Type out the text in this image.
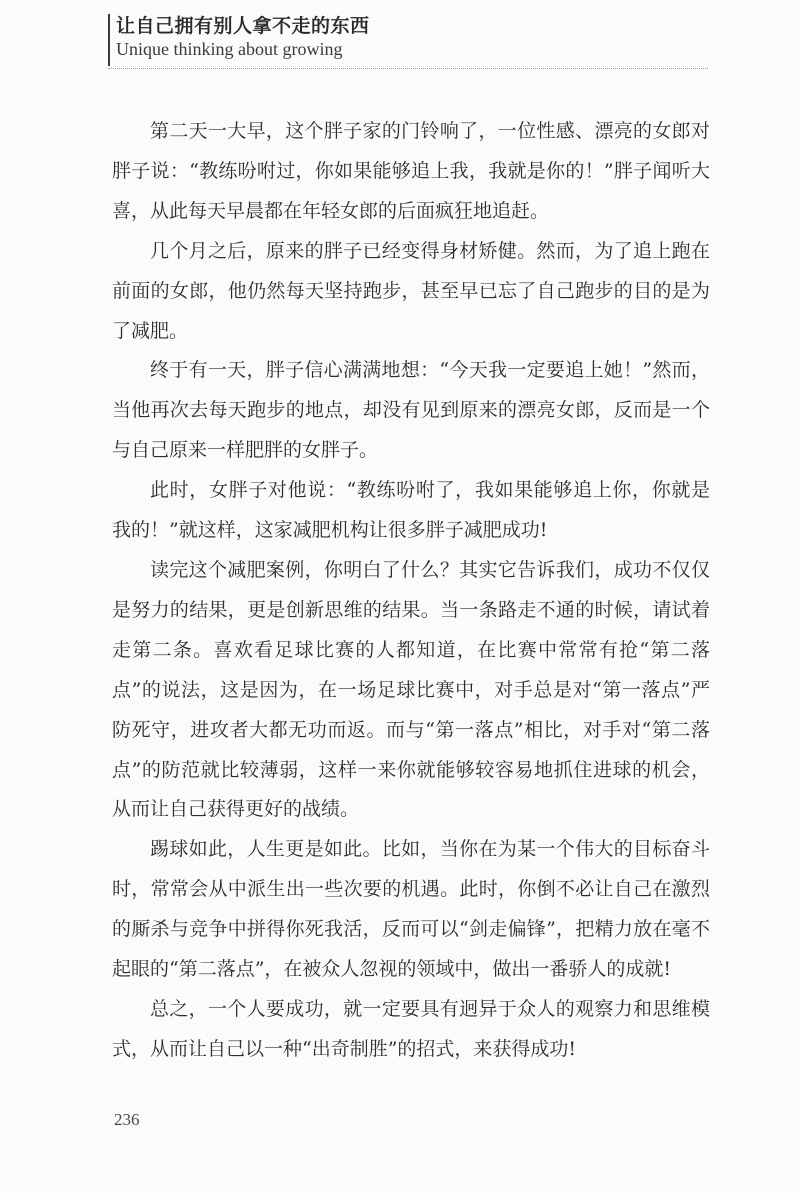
让自己拥有别人拿不走的东西
Unique thinking about growing

第二天一大早，这个胖子家的门铃响了，一位性感、漂亮的女郎对胖子说：“教练吩咐过，你如果能够追上我，我就是你的！”胖子闻听大喜，从此每天早晨都在年轻女郎的后面疯狂地追赶。

几个月之后，原来的胖子已经变得身材矫健。然而，为了追上跑在前面的女郎，他仍然每天坚持跑步，甚至早已忘了自己跑步的目的是为了减肥。

终于有一天，胖子信心满满地想：“今天我一定要追上她！”然而，当他再次去每天跑步的地点，却没有见到原来的漂亮女郎，反而是一个与自己原来一样肥胖的女胖子。

此时，女胖子对他说：“教练吩咐了，我如果能够追上你，你就是我的！”就这样，这家减肥机构让很多胖子减肥成功!

读完这个减肥案例，你明白了什么？其实它告诉我们，成功不仅仅是努力的结果，更是创新思维的结果。当一条路走不通的时候，请试着走第二条。喜欢看足球比赛的人都知道，在比赛中常常有抢“第二落点”的说法，这是因为，在一场足球比赛中，对手总是对“第一落点”严防死守，进攻者大都无功而返。而与“第一落点”相比，对手对“第二落点”的防范就比较薄弱，这样一来你就能够较容易地抓住进球的机会，从而让自己获得更好的战绩。

踢球如此，人生更是如此。比如，当你在为某一个伟大的目标奋斗时，常常会从中派生出一些次要的机遇。此时，你倒不必让自己在激烈的厮杀与竞争中拼得你死我活，反而可以“剑走偏锋”，把精力放在毫不起眼的“第二落点”，在被众人忽视的领域中，做出一番骄人的成就!

总之，一个人要成功，就一定要具有迥异于众人的观察力和思维模式，从而让自己以一种“出奇制胜”的招式，来获得成功!

236
